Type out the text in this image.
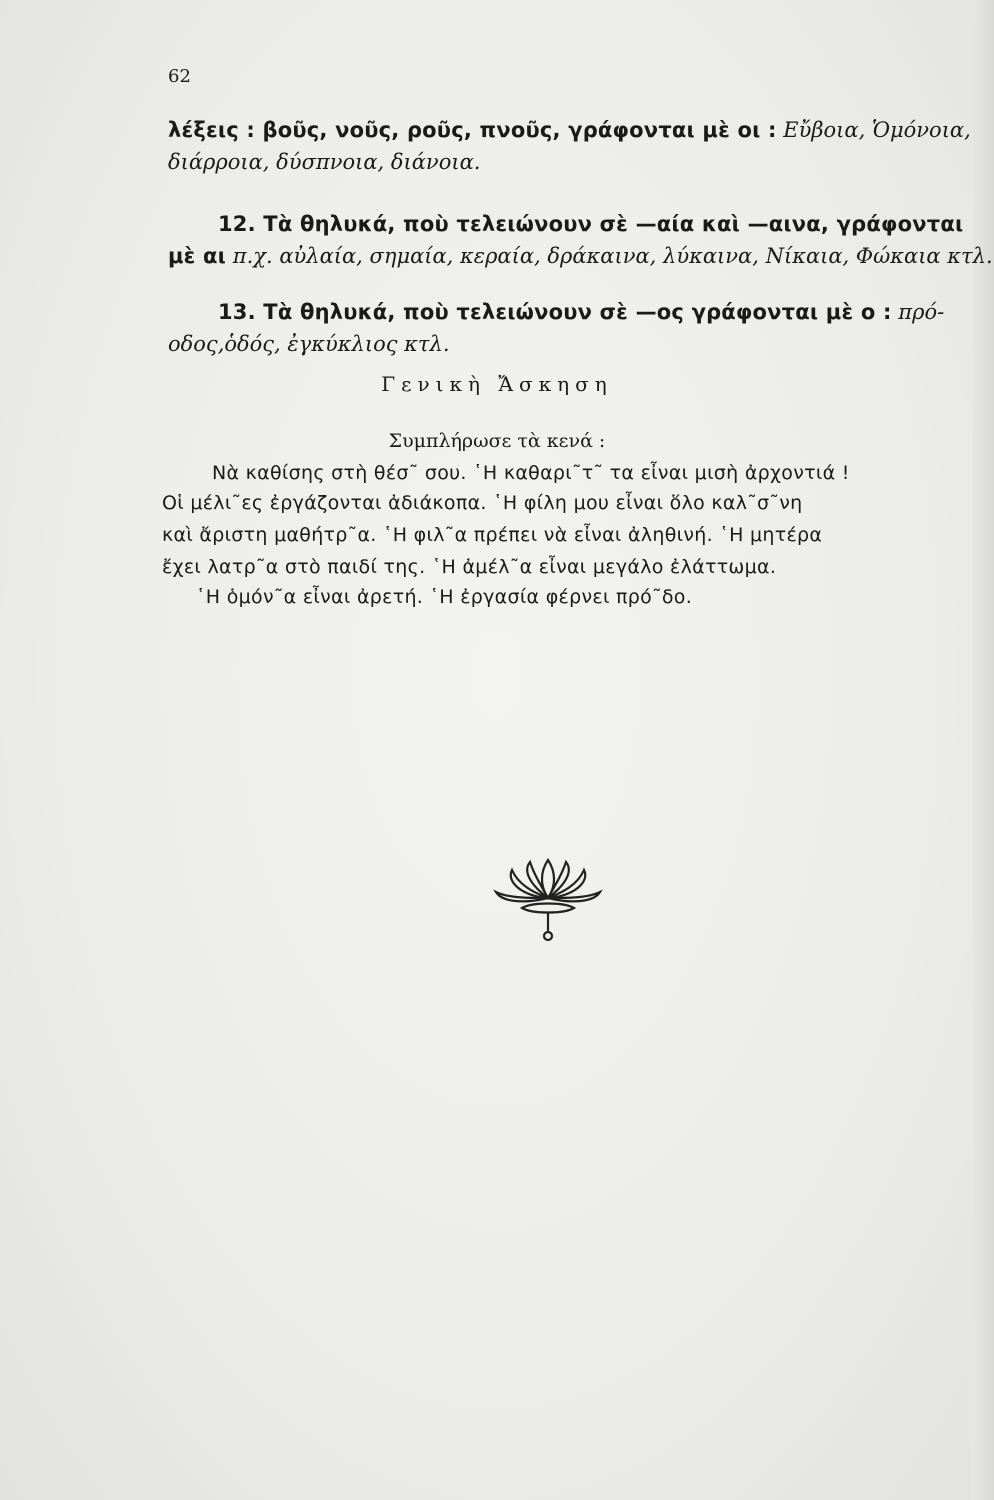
62
λέξεις : βοῦς, νοῦς, ροῦς, πνοῦς, γράφονται μὲ οι : Εὔβοια, Ὁμόνοια,
διάρροια, δύσπνοια, διάνοια.
12. Τὰ θηλυκά, ποὺ τελειώνουν σὲ —αία καὶ —αινα, γράφονται
μὲ αι π.χ. αὐλαία, σημαία, κεραία, δράκαινα, λύκαινα, Νίκαια, Φώκαια κτλ.
13. Τὰ θηλυκά, ποὺ τελειώνουν σὲ —ος γράφονται μὲ ο : πρό-
οδος,ὁδός, ἐγκύκλιος κτλ.
Γενικὴ Ἄσκηση
Συμπλήρωσε τὰ κενά :
Νὰ καθίσης στὴ θέσ῀ σου. ῾Η καθαρι῀τ῀ τα εἶναι μισὴ ἀρχοντιά !
Οἱ μέλι῀ες ἐργάζονται ἀδιάκοπα. ῾Η φίλη μου εἶναι ὅλο καλ῀σ῀νη
καὶ ἄριστη μαθήτρ῀α. ῾Η φιλ῀α πρέπει νὰ εἶναι ἀληθινή. ῾Η μητέρα
ἔχει λατρ῀α στὸ παιδί της. ῾Η ἀμέλ῀α εἶναι μεγάλο ἐλάττωμα.
῾Η ὁμόν῀α εἶναι ἀρετή. ῾Η ἐργασία φέρνει πρό῀δο.
